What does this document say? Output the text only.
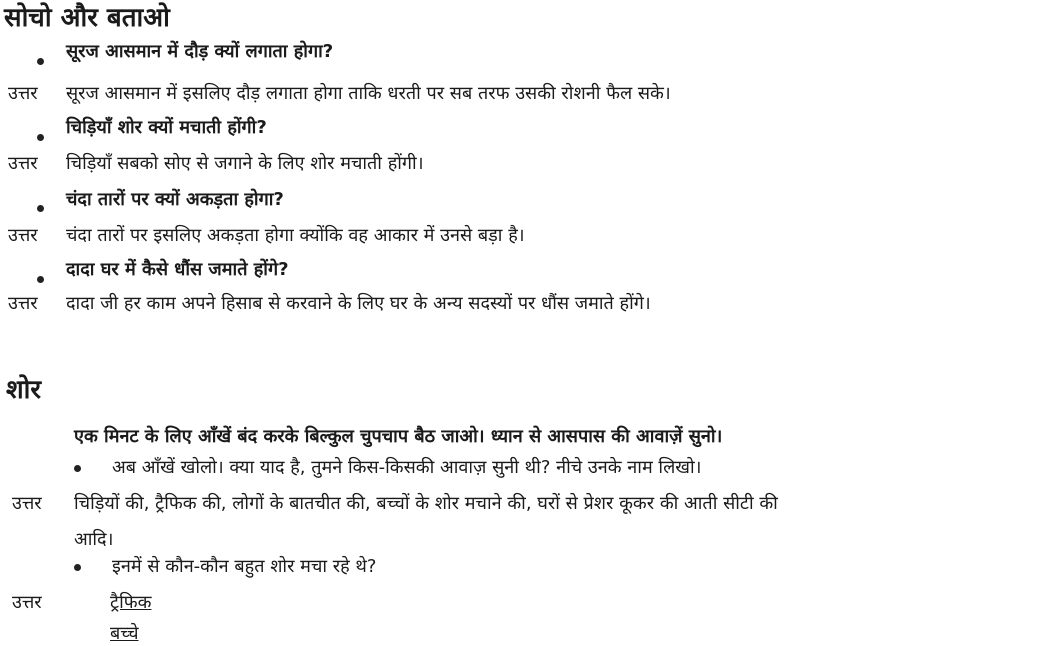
सोचो और बताओ
सूरज आसमान में दौड़ क्यों लगाता होगा?
उत्तर सूरज आसमान में इसलिए दौड़ लगाता होगा ताकि धरती पर सब तरफ उसकी रोशनी फैल सके।
चिड़ियाँ शोर क्यों मचाती होंगी?
उत्तर चिड़ियाँ सबको सोए से जगाने के लिए शोर मचाती होंगी।
चंदा तारों पर क्यों अकड़ता होगा?
उत्तर चंदा तारों पर इसलिए अकड़ता होगा क्योंकि वह आकार में उनसे बड़ा है।
दादा घर में कैसे धौंस जमाते होंगे?
उत्तर दादा जी हर काम अपने हिसाब से करवाने के लिए घर के अन्य सदस्यों पर धौंस जमाते होंगे।
शोर
एक मिनट के लिए आँखें बंद करके बिल्कुल चुपचाप बैठ जाओ। ध्यान से आसपास की आवाज़ें सुनो।
अब आँखें खोलो। क्या याद है, तुमने किस-किसकी आवाज़ सुनी थी? नीचे उनके नाम लिखो।
उत्तर चिड़ियों की, ट्रैफिक की, लोगों के बातचीत की, बच्चों के शोर मचाने की, घरों से प्रेशर कूकर की आती सीटी की
आदि।
इनमें से कौन-कौन बहुत शोर मचा रहे थे?
उत्तर	ट्रैफिक
बच्चे
